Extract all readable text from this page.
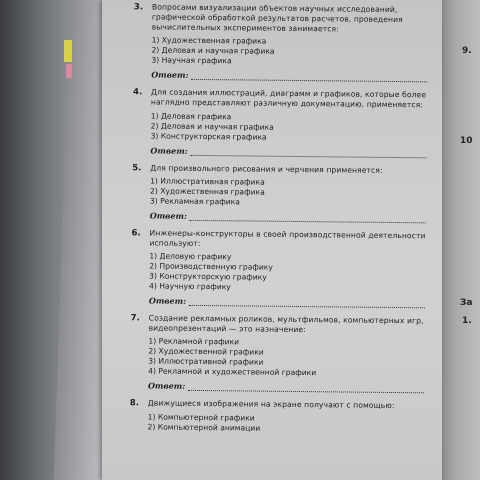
9.
10
За
1.
3. Вопросами визуализации объектов научных исследований, графической обработкой результатов расчетов, проведения вычислительных экспериментов занимается:
1) Художественная графика
2) Деловая и научная графика
3) Научная графика
Ответ:
4. Для создания иллюстраций, диаграмм и графиков, которые более наглядно представляют различную документацию, применяется:
1) Деловая графика
2) Деловая и научная графика
3) Конструкторская графика
Ответ:
5. Для произвольного рисования и черчения применяется:
1) Иллюстративная графика
2) Художественная графика
3) Рекламная графика
Ответ:
6. Инженеры-конструкторы в своей производственной деятельности используют:
1) Деловую графику
2) Производственную графику
3) Конструкторскую графику
4) Научную графику
Ответ:
7. Создание рекламных роликов, мультфильмов, компьютерных игр, видеопрезентаций — это назначение:
1) Рекламной графики
2) Художественной графики
3) Иллюстративной графики
4) Рекламной и художественной графики
Ответ:
8. Движущиеся изображения на экране получают с помощью:
1) Компьютерной графики
2) Компьютерной анимации
